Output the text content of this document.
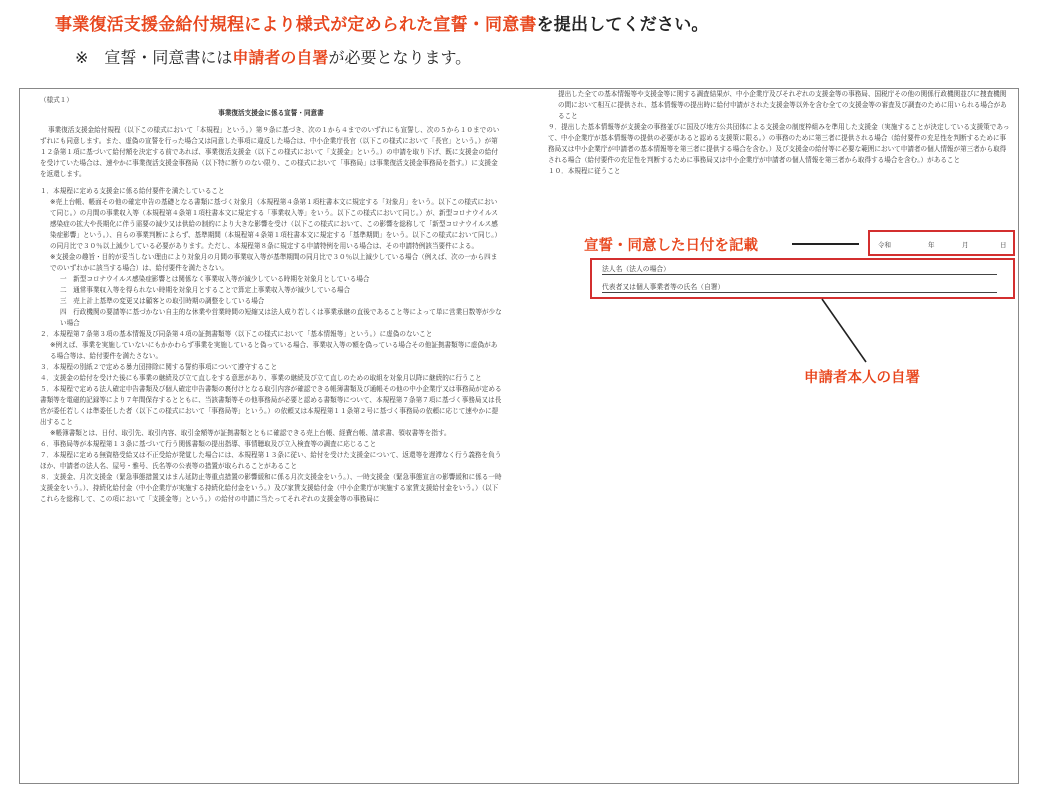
事業復活支援金給付規程により様式が定められた宣誓・同意書を提出してください。
※　宣誓・同意書には申請者の自署が必要となります。

（様式１）

事業復活支援金に係る宣誓・同意書

事業復活支援金給付規程（以下この様式において「本規程」という。）第９条に基づき、次の１から４までのいずれにも宣誓し、次の５から１０までのいずれにも同意します。また、虚偽の宣誓を行った場合又は同意した事項に違反した場合は、中小企業庁長官（以下この様式において「長官」という。）が第１２条第１項に基づいて給付額を決定する前であれば、事業復活支援金（以下この様式において「支援金」という。）の申請を取り下げ、既に支援金の給付を受けていた場合は、速やかに事業復活支援金事務局（以下特に断りのない限り、この様式において「事務局」は事業復活支援金事務局を指す。）に支援金を返還します。

１．本規程に定める支援金に係る給付要件を満たしていること

※売上台帳、帳面その他の確定申告の基礎となる書類に基づく対象月（本規程第４条第１項柱書本文に規定する「対象月」をいう。以下この様式において同じ。）の月間の事業収入等（本規程第４条第１項柱書本文に規定する「事業収入等」をいう。以下この様式において同じ。）が、新型コロナウイルス感染症の拡大や長期化に伴う需要の減少又は供給の制約により大きな影響を受け（以下この様式において、この影響を総称して「新型コロナウイルス感染症影響」という。）、自らの事業判断によらず、基準期間（本規程第４条第１項柱書本文に規定する「基準期間」をいう。以下この様式において同じ。）の同月比で３０％以上減少している必要があります。ただし、本規程第８条に規定する申請特例を用いる場合は、その申請特例該当要件による。

※支援金の趣旨・目的が妥当しない理由により対象月の月間の事業収入等が基準期間の同月比で３０％以上減少している場合（例えば、次の一から四までのいずれかに該当する場合）は、給付要件を満たさない。

一　新型コロナウイルス感染症影響とは関係なく事業収入等が減少している時期を対象月としている場合

二　通常事業収入等を得られない時期を対象月とすることで算定上事業収入等が減少している場合

三　売上計上基準の変更又は顧客との取引時期の調整をしている場合

四　行政機関の要請等に基づかない自主的な休業や営業時間の短縮又は法人成り若しくは事業承継の直後であること等によって単に営業日数等が少ない場合

２．本規程第７条第３項の基本情報及び同条第４項の証拠書類等（以下この様式において「基本情報等」という。）に虚偽のないこと

※例えば、事業を実施していないにもかかわらず事業を実施していると偽っている場合、事業収入等の額を偽っている場合その他証拠書類等に虚偽がある場合等は、給付要件を満たさない。

３．本規程の別紙２で定める暴力団排除に関する誓約事項について遵守すること

４．支援金の給付を受けた後にも事業の継続及び立て直しをする意思があり、事業の継続及び立て直しのための取組を対象月以降に継続的に行うこと

５．本規程で定める法人確定申告書類及び個人確定申告書類の裏付けとなる取引内容が確認できる帳簿書類及び通帳その他の中小企業庁又は事務局が定める書類等を電磁的記録等により７年間保存するとともに、当該書類等その他事務局が必要と認める書類等について、本規程第７条第７項に基づく事務局又は長官が委任若しくは準委任した者（以下この様式において「事務局等」という。）の依頼又は本規程第１１条第２号に基づく事務局の依頼に応じて速やかに提出すること

※帳簿書類とは、日付、取引先、取引内容、取引金額等が証拠書類とともに確認できる売上台帳、経費台帳、請求書、領収書等を指す。

６．事務局等が本規程第１３条に基づいて行う関係書類の提出指導、事情聴取及び立入検査等の調査に応じること

７．本規程に定める無資格受給又は不正受給が発覚した場合には、本規程第１３条に従い、給付を受けた支援金について、返還等を遅滞なく行う義務を負うほか、申請者の法人名、屋号・雅号、氏名等の公表等の措置が取られることがあること

８．支援金、月次支援金（緊急事態措置又はまん延防止等重点措置の影響緩和に係る月次支援金をいう。）、一時支援金（緊急事態宣言の影響緩和に係る一時支援金をいう。）、持続化給付金（中小企業庁が実施する持続化給付金をいう。）及び家賃支援給付金（中小企業庁が実施する家賃支援給付金をいう。）（以下これらを総称して、この項において「支援金等」という。）の給付の申請に当たってそれぞれの支援金等の事務局に

提出した全ての基本情報等や支援金等に関する調査結果が、中小企業庁及びそれぞれの支援金等の事務局、国税庁その他の関係行政機関並びに捜査機関の間において相互に提供され、基本情報等の提出時に給付申請がされた支援金等以外を含む全ての支援金等の審査及び調査のために用いられる場合があること

９．提出した基本情報等が支援金の事務並びに国及び地方公共団体による支援金の制度枠組みを準用した支援金（実施することが決定している支援策であって、中小企業庁が基本情報等の提供の必要があると認める支援策に限る。）の事務のために第三者に提供される場合（給付要件の充足性を判断するために事務局又は中小企業庁が申請者の基本情報等を第三者に提供する場合を含む。）及び支援金の給付等に必要な範囲において申請者の個人情報が第三者から取得される場合（給付要件の充足性を判断するために事務局又は中小企業庁が申請者の個人情報を第三者から取得する場合を含む。）があること

１０．本規程に従うこと

宣誓・同意した日付を記載	令和	年	月	日
法人名（法人の場合）
代表者又は個人事業者等の氏名（自署）
申請者本人の自署
